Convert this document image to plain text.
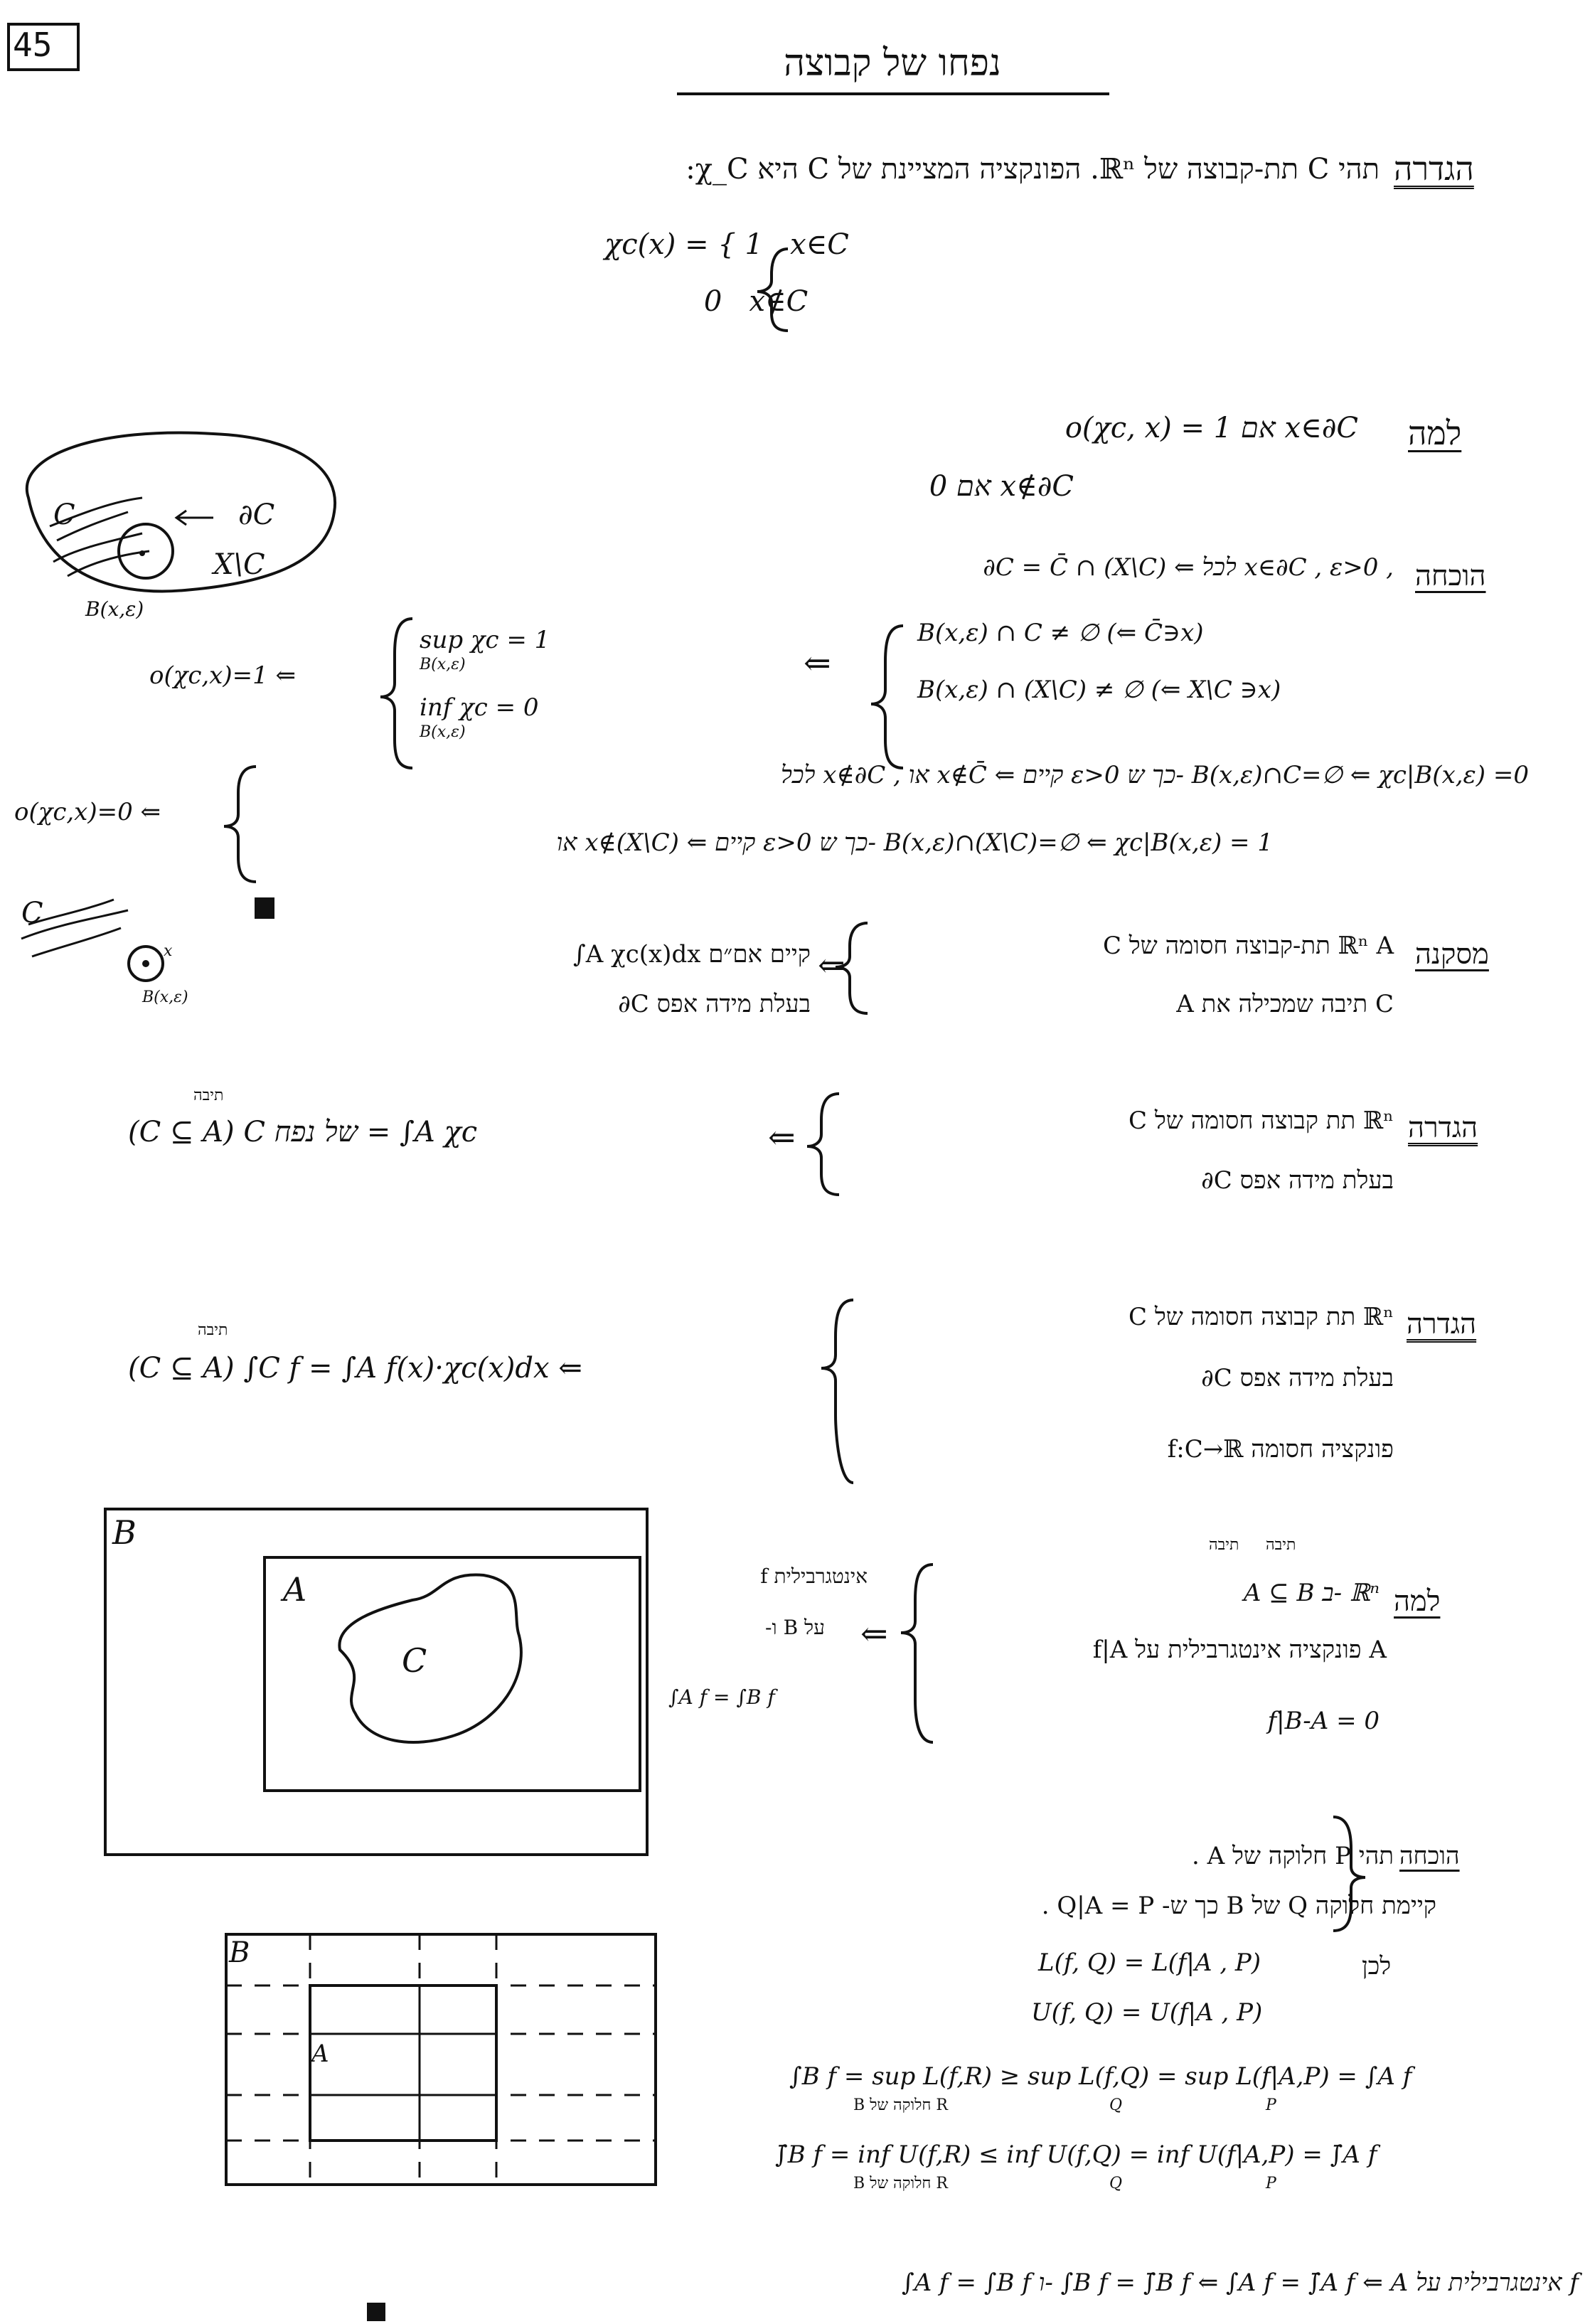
45	נפחו של קבוצה
הגדרה
תהי C תת-קבוצה של ℝⁿ. הפונקציה המציינת של C היא χ_C:
χc(x) = { 1   x∈C
0   x∉C
למה
o(χc, x) = 1 אם x∈∂C
0 אם x∉∂C
הוכחה
∂C = C̄ ∩ (X\C) ⇐ לכל x∈∂C , ε>0 ,
B(x,ε) ∩ C ≠ ∅ (⇐ C̄∋x)
B(x,ε) ∩ (X\C) ≠ ∅ (⇐ X\C ∋x)
⇐
sup χc = 1
B(x,ε)
inf χc = 0
B(x,ε)
o(χc,x)=1 ⇐
לכל x∉∂C , או x∉C̄ ⇐ קיים ε>0 כך ש- B(x,ε)∩C=∅ ⇐ χc|B(x,ε) =0
או x∉(X\C) ⇐ קיים ε>0 כך ש- B(x,ε)∩(X\C)=∅ ⇐ χc|B(x,ε) = 1
o(χc,x)=0 ⇐
C	∂C
X\C
B(x,ε)
C
x
B(x,ε)
מסקנה
C תת-קבוצה חסומה של ℝⁿ A
A תיבה שמכילה את C
∫A χc(x)dx קיים אם״ם
∂C בעלת מידה אפס
⇐
הגדרה
C תת קבוצה חסומה של ℝⁿ
∂C בעלת מידה אפס
תיבה
(C ⊆ A) C של נפח = ∫A χc	⇐
הגדרה
C תת קבוצה חסומה של ℝⁿ
∂C בעלת מידה אפס
f:C→ℝ פונקציה חסומה
תיבה
(C ⊆ A) ∫C f = ∫A f(x)·χc(x)dx ⇐
למה
תיבה
תיבה
A ⊆ B ב- ℝⁿ
f|A פונקציה אינטגרבילית על A
f|B-A = 0
f אינטגרבילית
על B ו-
∫A f = ∫B f
⇐
B
A
C
הוכחה
תהי P חלוקה של A .
קיימת חלוקה Q של B כך ש- Q|A = P .
לכן
L(f, Q) = L(f|A , P)
U(f, Q) = U(f|A , P)
∫B f = sup L(f,R) ≥ sup L(f,Q) = sup L(f|A,P) = ∫A f
B חלוקה של R	Q	P
∫̄B f = inf U(f,R) ≤ inf U(f,Q) = inf U(f|A,P) = ∫̄A f
B חלוקה של R	Q	P
∫A f = ∫B f ו- ∫B f = ∫̄B f ⇐ ∫A f = ∫̄A f ⇐ A אינטגרבילית על f
B
A
